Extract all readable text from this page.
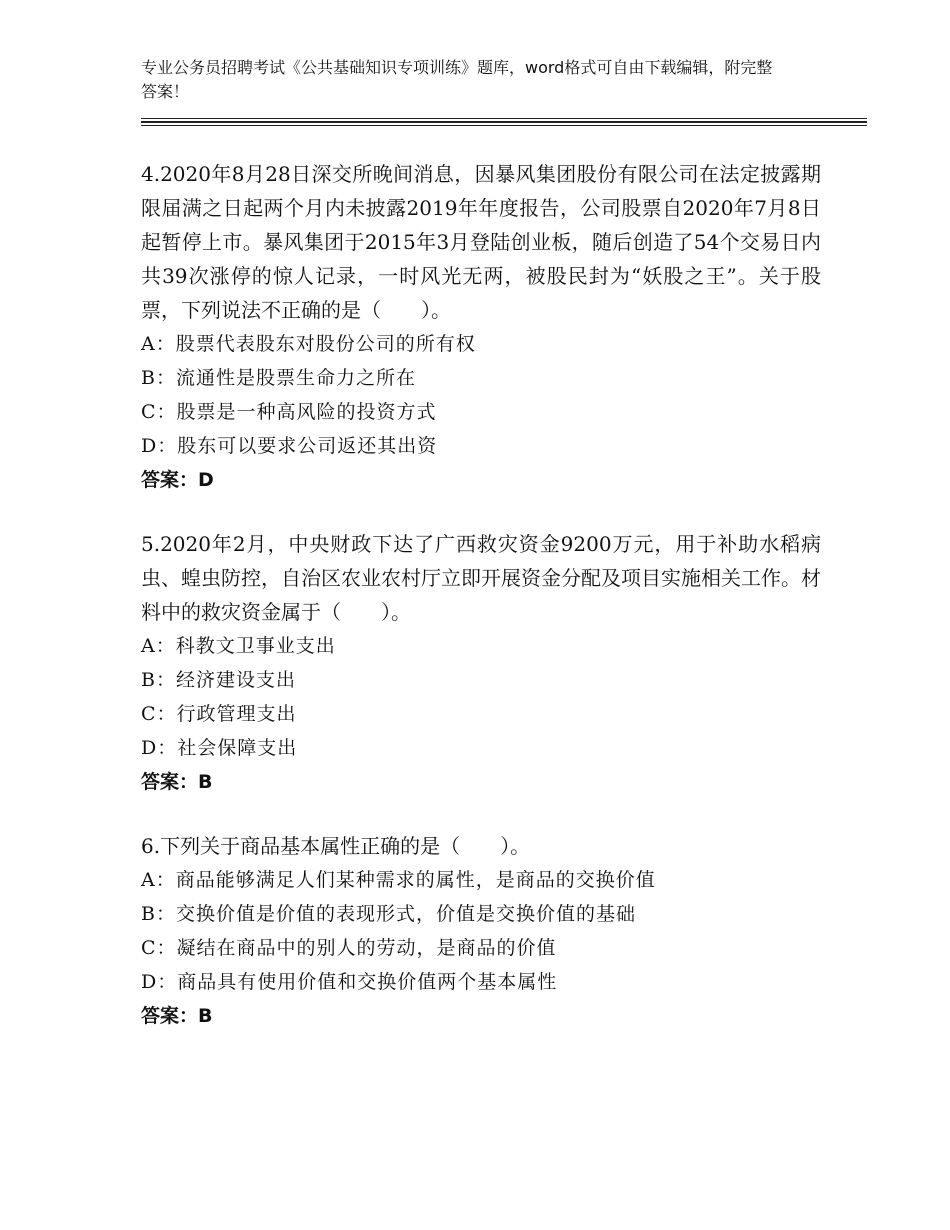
专业公务员招聘考试《公共基础知识专项训练》题库，word格式可自由下载编辑，附完整答案！

4.2020年8月28日深交所晚间消息，因暴风集团股份有限公司在法定披露期限届满之日起两个月内未披露2019年年度报告，公司股票自2020年7月8日起暂停上市。暴风集团于2015年3月登陆创业板，随后创造了54个交易日内共39次涨停的惊人记录，一时风光无两，被股民封为“妖股之王”。关于股票，下列说法不正确的是（　　）。

A：股票代表股东对股份公司的所有权

B：流通性是股票生命力之所在

C：股票是一种高风险的投资方式

D：股东可以要求公司返还其出资

答案：D

5.2020年2月，中央财政下达了广西救灾资金9200万元，用于补助水稻病虫、蝗虫防控，自治区农业农村厅立即开展资金分配及项目实施相关工作。材料中的救灾资金属于（　　）。

A：科教文卫事业支出

B：经济建设支出

C：行政管理支出

D：社会保障支出

答案：B

6.下列关于商品基本属性正确的是（　　）。

A：商品能够满足人们某种需求的属性，是商品的交换价值

B：交换价值是价值的表现形式，价值是交换价值的基础

C：凝结在商品中的别人的劳动，是商品的价值

D：商品具有使用价值和交换价值两个基本属性

答案：B
